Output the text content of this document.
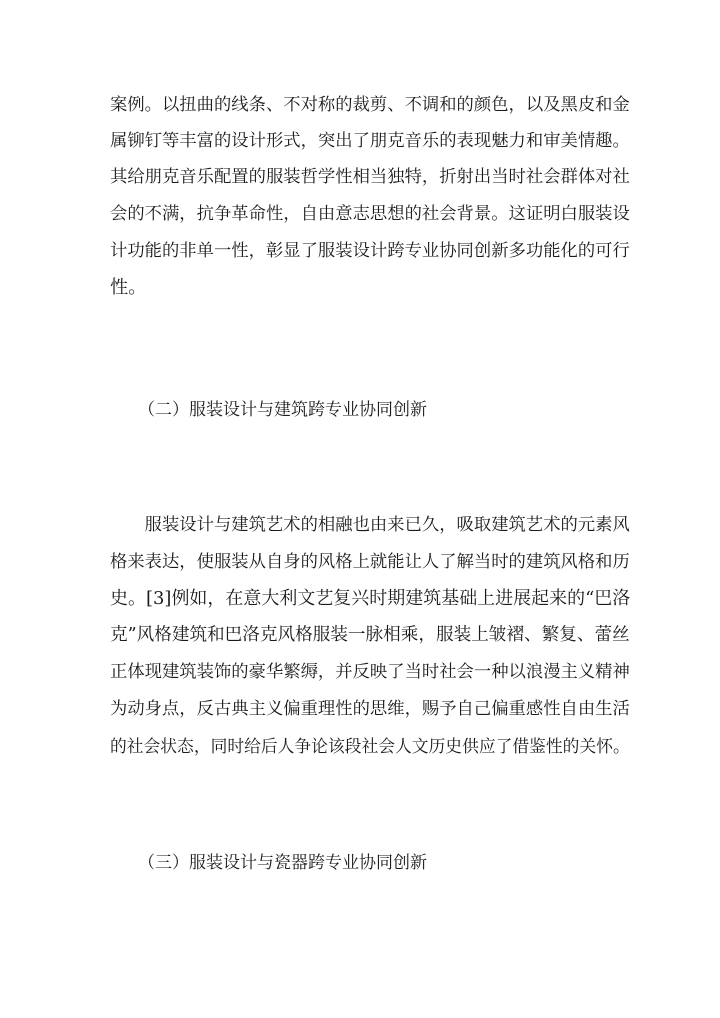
案例。以扭曲的线条、不对称的裁剪、不调和的颜色，以及黑皮和金
属铆钉等丰富的设计形式，突出了朋克音乐的表现魅力和审美情趣。
其给朋克音乐配置的服装哲学性相当独特，折射出当时社会群体对社
会的不满，抗争革命性，自由意志思想的社会背景。这证明白服装设
计功能的非单一性，彰显了服装设计跨专业协同创新多功能化的可行
性。
（二）服装设计与建筑跨专业协同创新
　　服装设计与建筑艺术的相融也由来已久，吸取建筑艺术的元素风
格来表达，使服装从自身的风格上就能让人了解当时的建筑风格和历
史。[3]例如，在意大利文艺复兴时期建筑基础上进展起来的“巴洛
克”风格建筑和巴洛克风格服装一脉相乘，服装上皱褶、繁复、蕾丝
正体现建筑装饰的豪华繁缛，并反映了当时社会一种以浪漫主义精神
为动身点，反古典主义偏重理性的思维，赐予自己偏重感性自由生活
的社会状态，同时给后人争论该段社会人文历史供应了借鉴性的关怀。
（三）服装设计与瓷器跨专业协同创新
